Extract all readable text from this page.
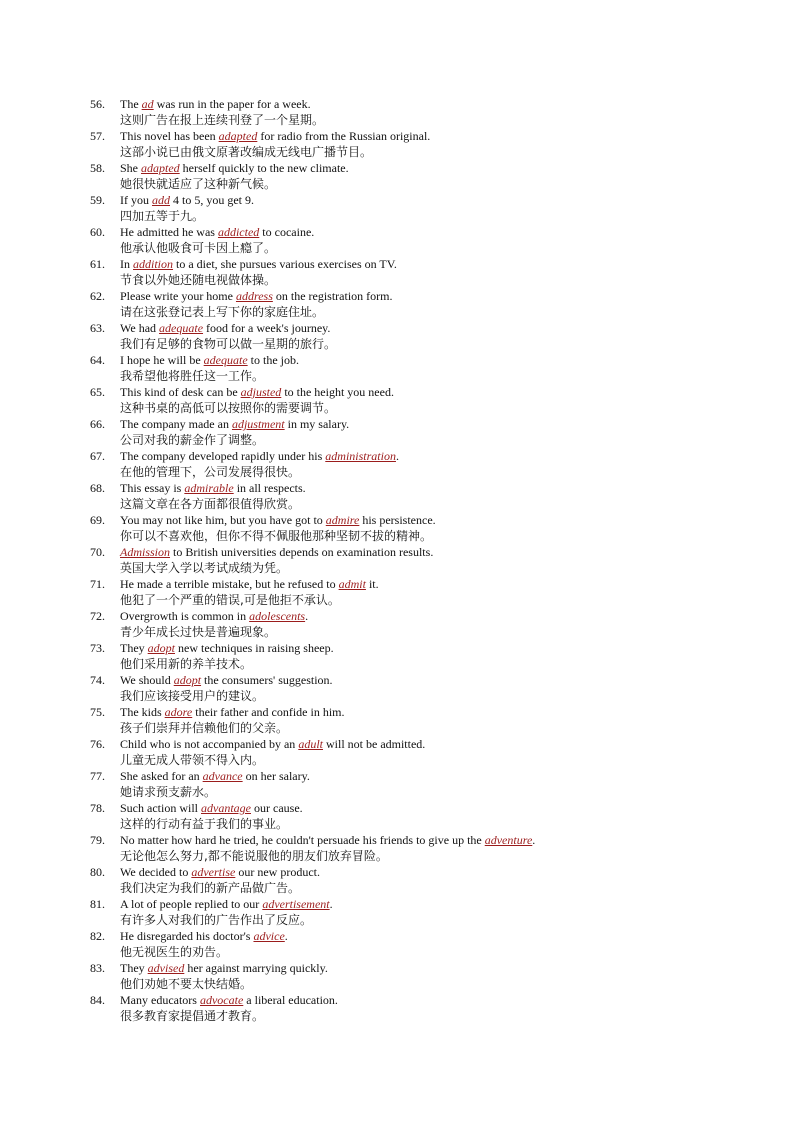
56.	The ad was run in the paper for a week.
这则广告在报上连续刊登了一个星期。
57.	This novel has been adapted for radio from the Russian original.
这部小说已由俄文原著改编成无线电广播节目。
58.	She adapted herself quickly to the new climate.
她很快就适应了这种新气候。
59.	If you add 4 to 5, you get 9.
四加五等于九。
60.	He admitted he was addicted to cocaine.
他承认他吸食可卡因上瘾了。
61.	In addition to a diet, she pursues various exercises on TV.
节食以外她还随电视做体操。
62.	Please write your home address on the registration form.
请在这张登记表上写下你的家庭住址。
63.	We had adequate food for a week's journey.
我们有足够的食物可以做一星期的旅行。
64.	I hope he will be adequate to the job.
我希望他将胜任这一工作。
65.	This kind of desk can be adjusted to the height you need.
这种书桌的高低可以按照你的需要调节。
66.	The company made an adjustment in my salary.
公司对我的薪金作了调整。
67.	The company developed rapidly under his administration.
在他的管理下，公司发展得很快。
68.	This essay is admirable in all respects.
这篇文章在各方面都很值得欣赏。
69.	You may not like him, but you have got to admire his persistence.
你可以不喜欢他，但你不得不佩服他那种坚韧不拔的精神。
70.	Admission to British universities depends on examination results.
英国大学入学以考试成绩为凭。
71.	He made a terrible mistake, but he refused to admit it.
他犯了一个严重的错误,可是他拒不承认。
72.	Overgrowth is common in adolescents.
青少年成长过快是普遍现象。
73.	They adopt new techniques in raising sheep.
他们采用新的养羊技术。
74.	We should adopt the consumers' suggestion.
我们应该接受用户的建议。
75.	The kids adore their father and confide in him.
孩子们崇拜并信赖他们的父亲。
76.	Child who is not accompanied by an adult will not be admitted.
儿童无成人带领不得入内。
77.	She asked for an advance on her salary.
她请求预支薪水。
78.	Such action will advantage our cause.
这样的行动有益于我们的事业。
79.	No matter how hard he tried, he couldn't persuade his friends to give up the adventure.
无论他怎么努力,都不能说服他的朋友们放弃冒险。
80.	We decided to advertise our new product.
我们决定为我们的新产品做广告。
81.	A lot of people replied to our advertisement.
有许多人对我们的广告作出了反应。
82.	He disregarded his doctor's advice.
他无视医生的劝告。
83.	They advised her against marrying quickly.
他们劝她不要太快结婚。
84.	Many educators advocate a liberal education.
很多教育家提倡通才教育。
